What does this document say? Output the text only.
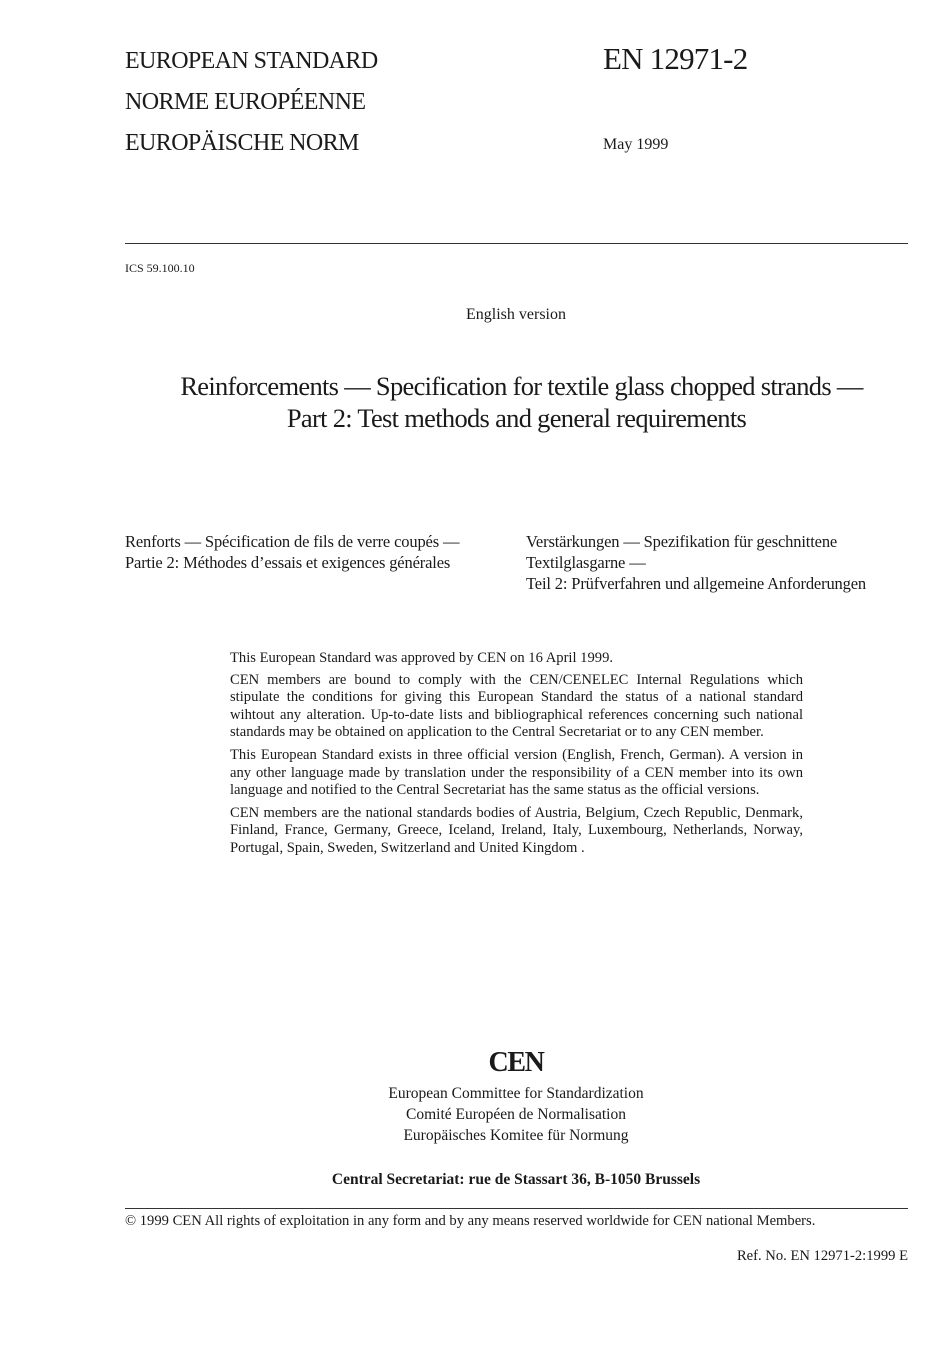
EUROPEAN STANDARD
NORME EUROPÉENNE
EUROPÄISCHE NORM
EN 12971-2
May 1999
ICS 59.100.10
English version
Reinforcements — Specification for textile glass chopped strands —
Part 2: Test methods and general requirements
Renforts — Spécification de fils de verre coupés —
Partie 2: Méthodes d’essais et exigences générales
Verstärkungen — Spezifikation für geschnittene
Textilglasgarne —
Teil 2: Prüfverfahren und allgemeine Anforderungen

This European Standard was approved by CEN on 16 April 1999.

CEN members are bound to comply with the CEN/CENELEC Internal Regulations which stipulate the conditions for giving this European Standard the status of a national standard wihtout any alteration. Up-to-date lists and bibliographical references concerning such national standards may be obtained on application to the Central Secretariat or to any CEN member.

This European Standard exists in three official version (English, French, German). A version in any other language made by translation under the responsibility of a CEN member into its own language and notified to the Central Secretariat has the same status as the official versions.

CEN members are the national standards bodies of Austria, Belgium, Czech Republic, Denmark, Finland, France, Germany, Greece, Iceland, Ireland, Italy, Luxembourg, Netherlands, Norway, Portugal, Spain, Sweden, Switzerland and United Kingdom .

CEN
European Committee for Standardization
Comité Européen de Normalisation
Europäisches Komitee für Normung
Central Secretariat: rue de Stassart 36, B-1050 Brussels
© 1999 CEN All rights of exploitation in any form and by any means reserved worldwide for CEN national Members.
Ref. No. EN 12971-2:1999 E
